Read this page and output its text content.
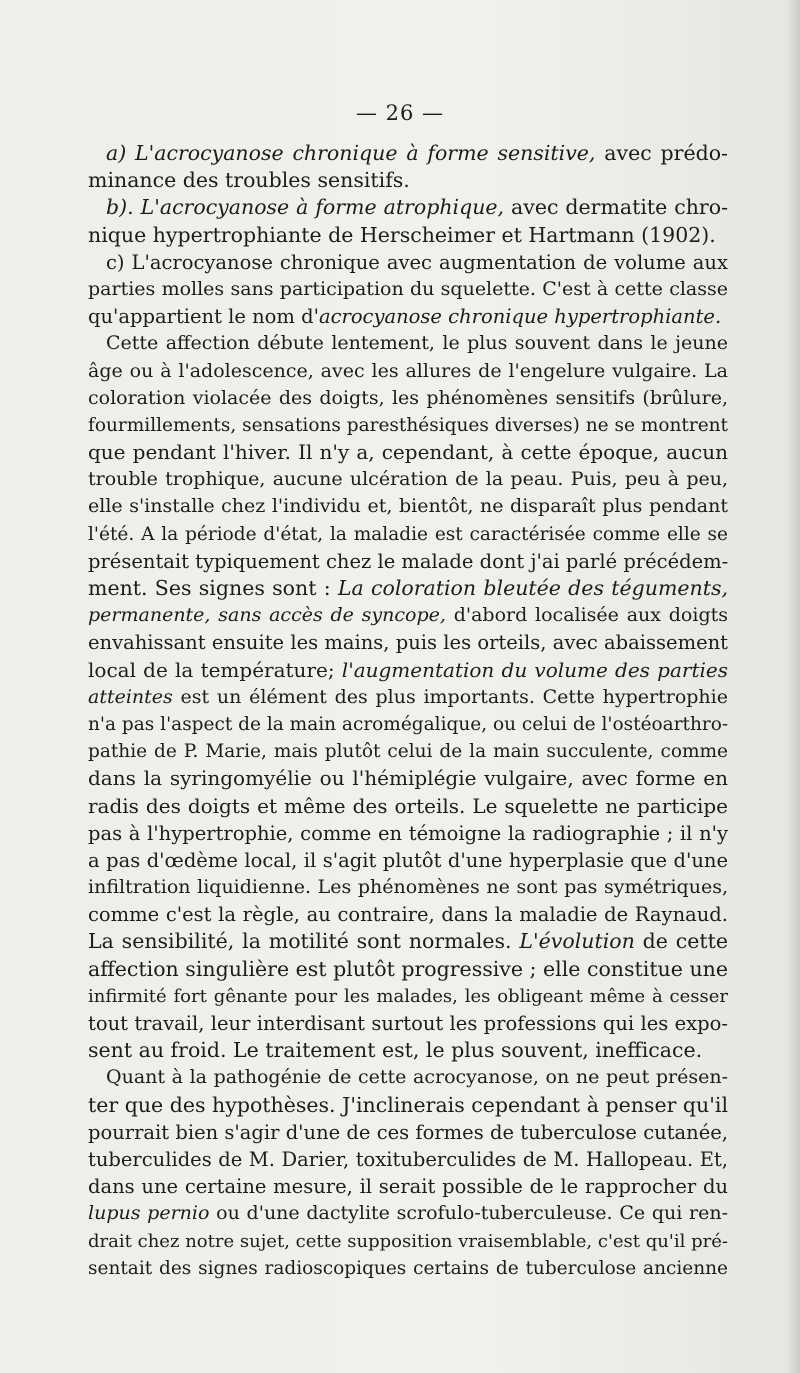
— 26 —
a) L'acrocyanose chronique à forme sensitive, avec prédo-
minance des troubles sensitifs.
b). L'acrocyanose à forme atrophique, avec dermatite chro-
nique hypertrophiante de Herscheimer et Hartmann (1902).
c) L'acrocyanose chronique avec augmentation de volume aux
parties molles sans participation du squelette. C'est à cette classe
qu'appartient le nom d'acrocyanose chronique hypertrophiante.
Cette affection débute lentement, le plus souvent dans le jeune
âge ou à l'adolescence, avec les allures de l'engelure vulgaire. La
coloration violacée des doigts, les phénomènes sensitifs (brûlure,
fourmillements, sensations paresthésiques diverses) ne se montrent
que pendant l'hiver. Il n'y a, cependant, à cette époque, aucun
trouble trophique, aucune ulcération de la peau. Puis, peu à peu,
elle s'installe chez l'individu et, bientôt, ne disparaît plus pendant
l'été. A la période d'état, la maladie est caractérisée comme elle se
présentait typiquement chez le malade dont j'ai parlé précédem-
ment. Ses signes sont : La coloration bleutée des téguments,
permanente, sans accès de syncope, d'abord localisée aux doigts
envahissant ensuite les mains, puis les orteils, avec abaissement
local de la température; l'augmentation du volume des parties
atteintes est un élément des plus importants. Cette hypertrophie
n'a pas l'aspect de la main acromégalique, ou celui de l'ostéoarthro-
pathie de P. Marie, mais plutôt celui de la main succulente, comme
dans la syringomyélie ou l'hémiplégie vulgaire, avec forme en
radis des doigts et même des orteils. Le squelette ne participe
pas à l'hypertrophie, comme en témoigne la radiographie ; il n'y
a pas d'œdème local, il s'agit plutôt d'une hyperplasie que d'une
infiltration liquidienne. Les phénomènes ne sont pas symétriques,
comme c'est la règle, au contraire, dans la maladie de Raynaud.
La sensibilité, la motilité sont normales. L'évolution de cette
affection singulière est plutôt progressive ; elle constitue une
infirmité fort gênante pour les malades, les obligeant même à cesser
tout travail, leur interdisant surtout les professions qui les expo-
sent au froid. Le traitement est, le plus souvent, inefficace.
Quant à la pathogénie de cette acrocyanose, on ne peut présen-
ter que des hypothèses. J'inclinerais cependant à penser qu'il
pourrait bien s'agir d'une de ces formes de tuberculose cutanée,
tuberculides de M. Darier, toxituberculides de M. Hallopeau. Et,
dans une certaine mesure, il serait possible de le rapprocher du
lupus pernio ou d'une dactylite scrofulo-tuberculeuse. Ce qui ren-
drait chez notre sujet, cette supposition vraisemblable, c'est qu'il pré-
sentait des signes radioscopiques certains de tuberculose ancienne
